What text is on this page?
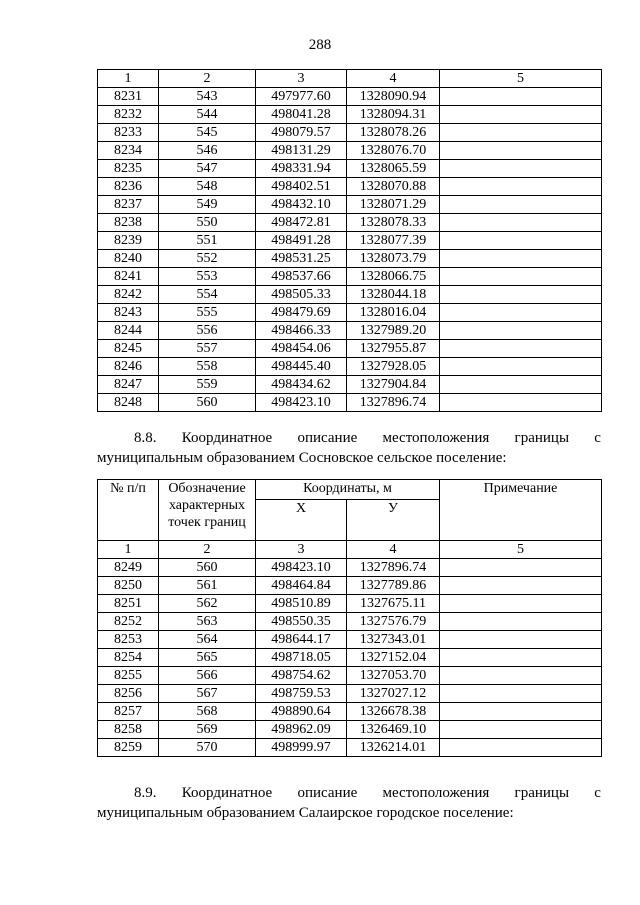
288
1	2	3	4	5
8231	543	497977.60	1328090.94	
8232	544	498041.28	1328094.31	
8233	545	498079.57	1328078.26	
8234	546	498131.29	1328076.70	
8235	547	498331.94	1328065.59	
8236	548	498402.51	1328070.88	
8237	549	498432.10	1328071.29	
8238	550	498472.81	1328078.33	
8239	551	498491.28	1328077.39	
8240	552	498531.25	1328073.79	
8241	553	498537.66	1328066.75	
8242	554	498505.33	1328044.18	
8243	555	498479.69	1328016.04	
8244	556	498466.33	1327989.20	
8245	557	498454.06	1327955.87	
8246	558	498445.40	1327928.05	
8247	559	498434.62	1327904.84	
8248	560	498423.10	1327896.74	
8.8. Координатное описание местоположения границы с
муниципальным образованием Сосновское сельское поселение:
№ п/п	Обозначение характерных точек границ	Координаты, м		Примечание
		X	У	
1	2	3	4	5
8249	560	498423.10	1327896.74	
8250	561	498464.84	1327789.86	
8251	562	498510.89	1327675.11	
8252	563	498550.35	1327576.79	
8253	564	498644.17	1327343.01	
8254	565	498718.05	1327152.04	
8255	566	498754.62	1327053.70	
8256	567	498759.53	1327027.12	
8257	568	498890.64	1326678.38	
8258	569	498962.09	1326469.10	
8259	570	498999.97	1326214.01	
8.9. Координатное описание местоположения границы с
муниципальным образованием Салаирское городское поселение:
